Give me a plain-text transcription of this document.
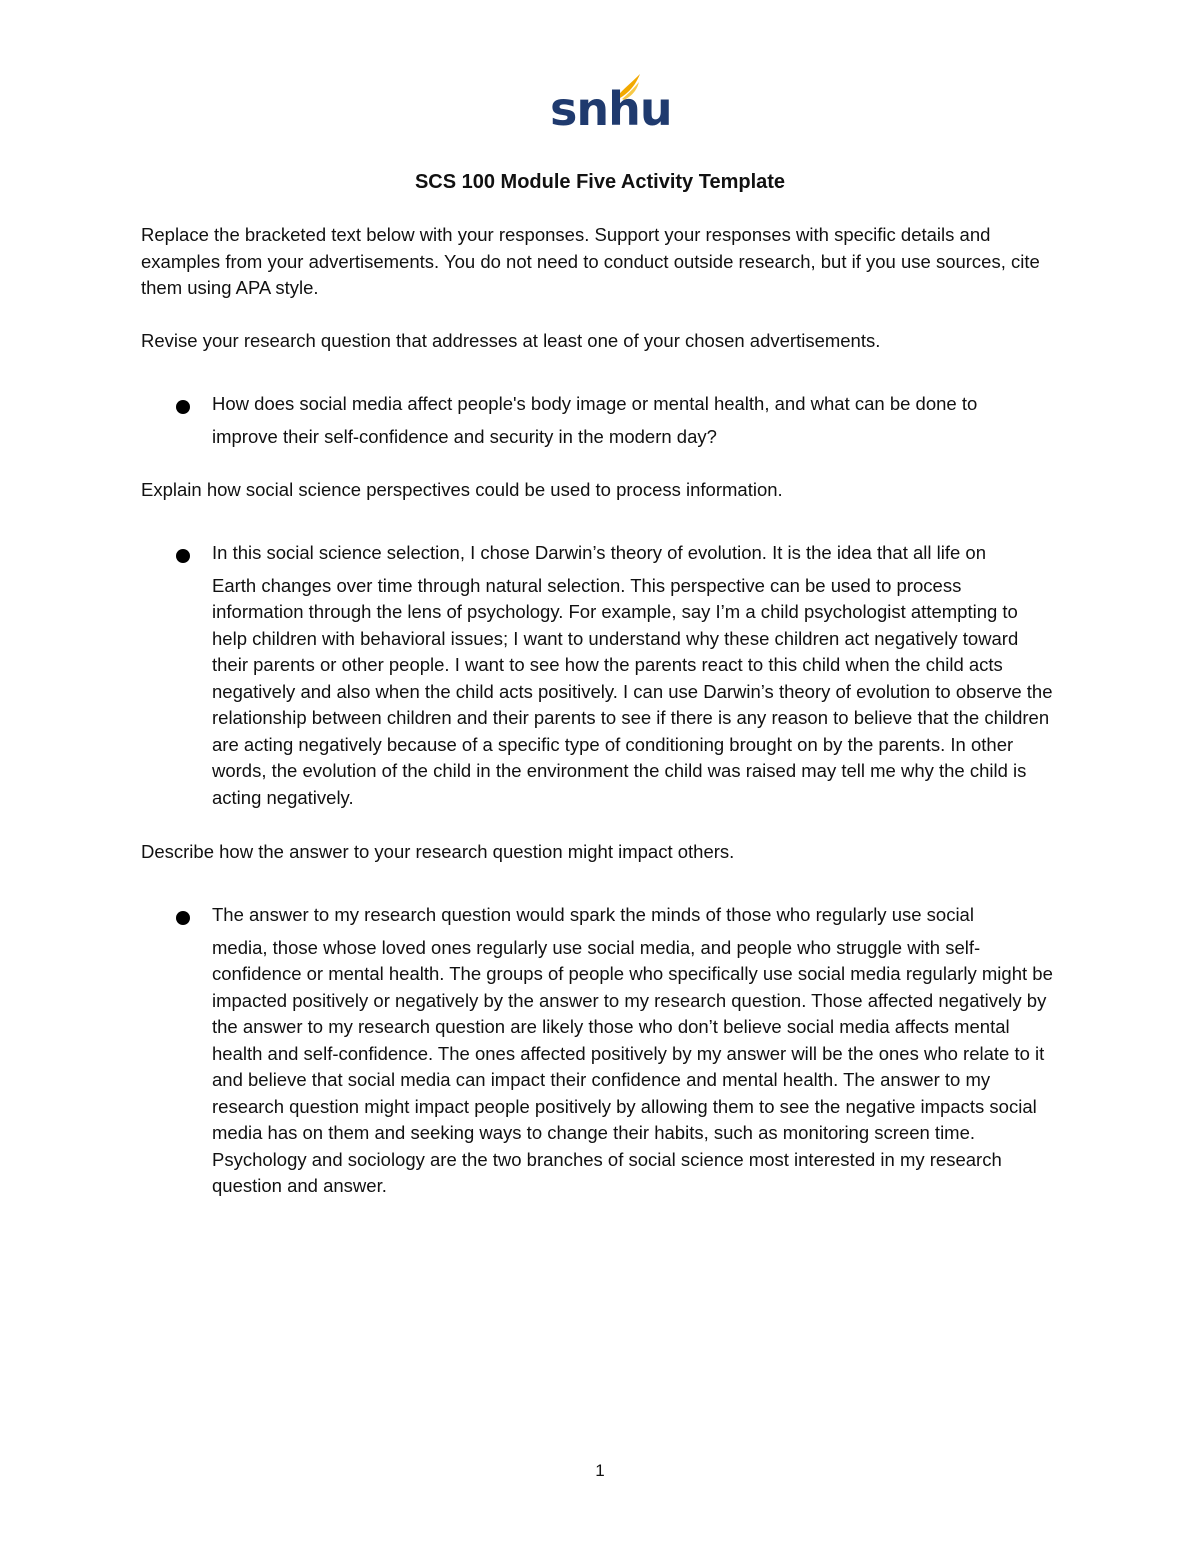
snhu
SCS 100 Module Five Activity Template
Replace the bracketed text below with your responses. Support your responses with specific details and examples from your advertisements. You do not need to conduct outside research, but if you use sources, cite them using APA style.
Revise your research question that addresses at least one of your chosen advertisements.
How does social media affect people's body image or mental health, and what can be done to
improve their self-confidence and security in the modern day?
Explain how social science perspectives could be used to process information.
In this social science selection, I chose Darwin’s theory of evolution. It is the idea that all life on
Earth changes over time through natural selection. This perspective can be used to process information through the lens of psychology. For example, say I’m a child psychologist attempting to help children with behavioral issues; I want to understand why these children act negatively toward their parents or other people. I want to see how the parents react to this child when the child acts negatively and also when the child acts positively. I can use Darwin’s theory of evolution to observe the relationship between children and their parents to see if there is any reason to believe that the children are acting negatively because of a specific type of conditioning brought on by the parents. In other words, the evolution of the child in the environment the child was raised may tell me why the child is acting negatively.
Describe how the answer to your research question might impact others.
The answer to my research question would spark the minds of those who regularly use social
media, those whose loved ones regularly use social media, and people who struggle with self-confidence or mental health. The groups of people who specifically use social media regularly might be impacted positively or negatively by the answer to my research question. Those affected negatively by the answer to my research question are likely those who don’t believe social media affects mental health and self-confidence. The ones affected positively by my answer will be the ones who relate to it and believe that social media can impact their confidence and mental health. The answer to my research question might impact people positively by allowing them to see the negative impacts social media has on them and seeking ways to change their habits, such as monitoring screen time. Psychology and sociology are the two branches of social science most interested in my research question and answer.
1
